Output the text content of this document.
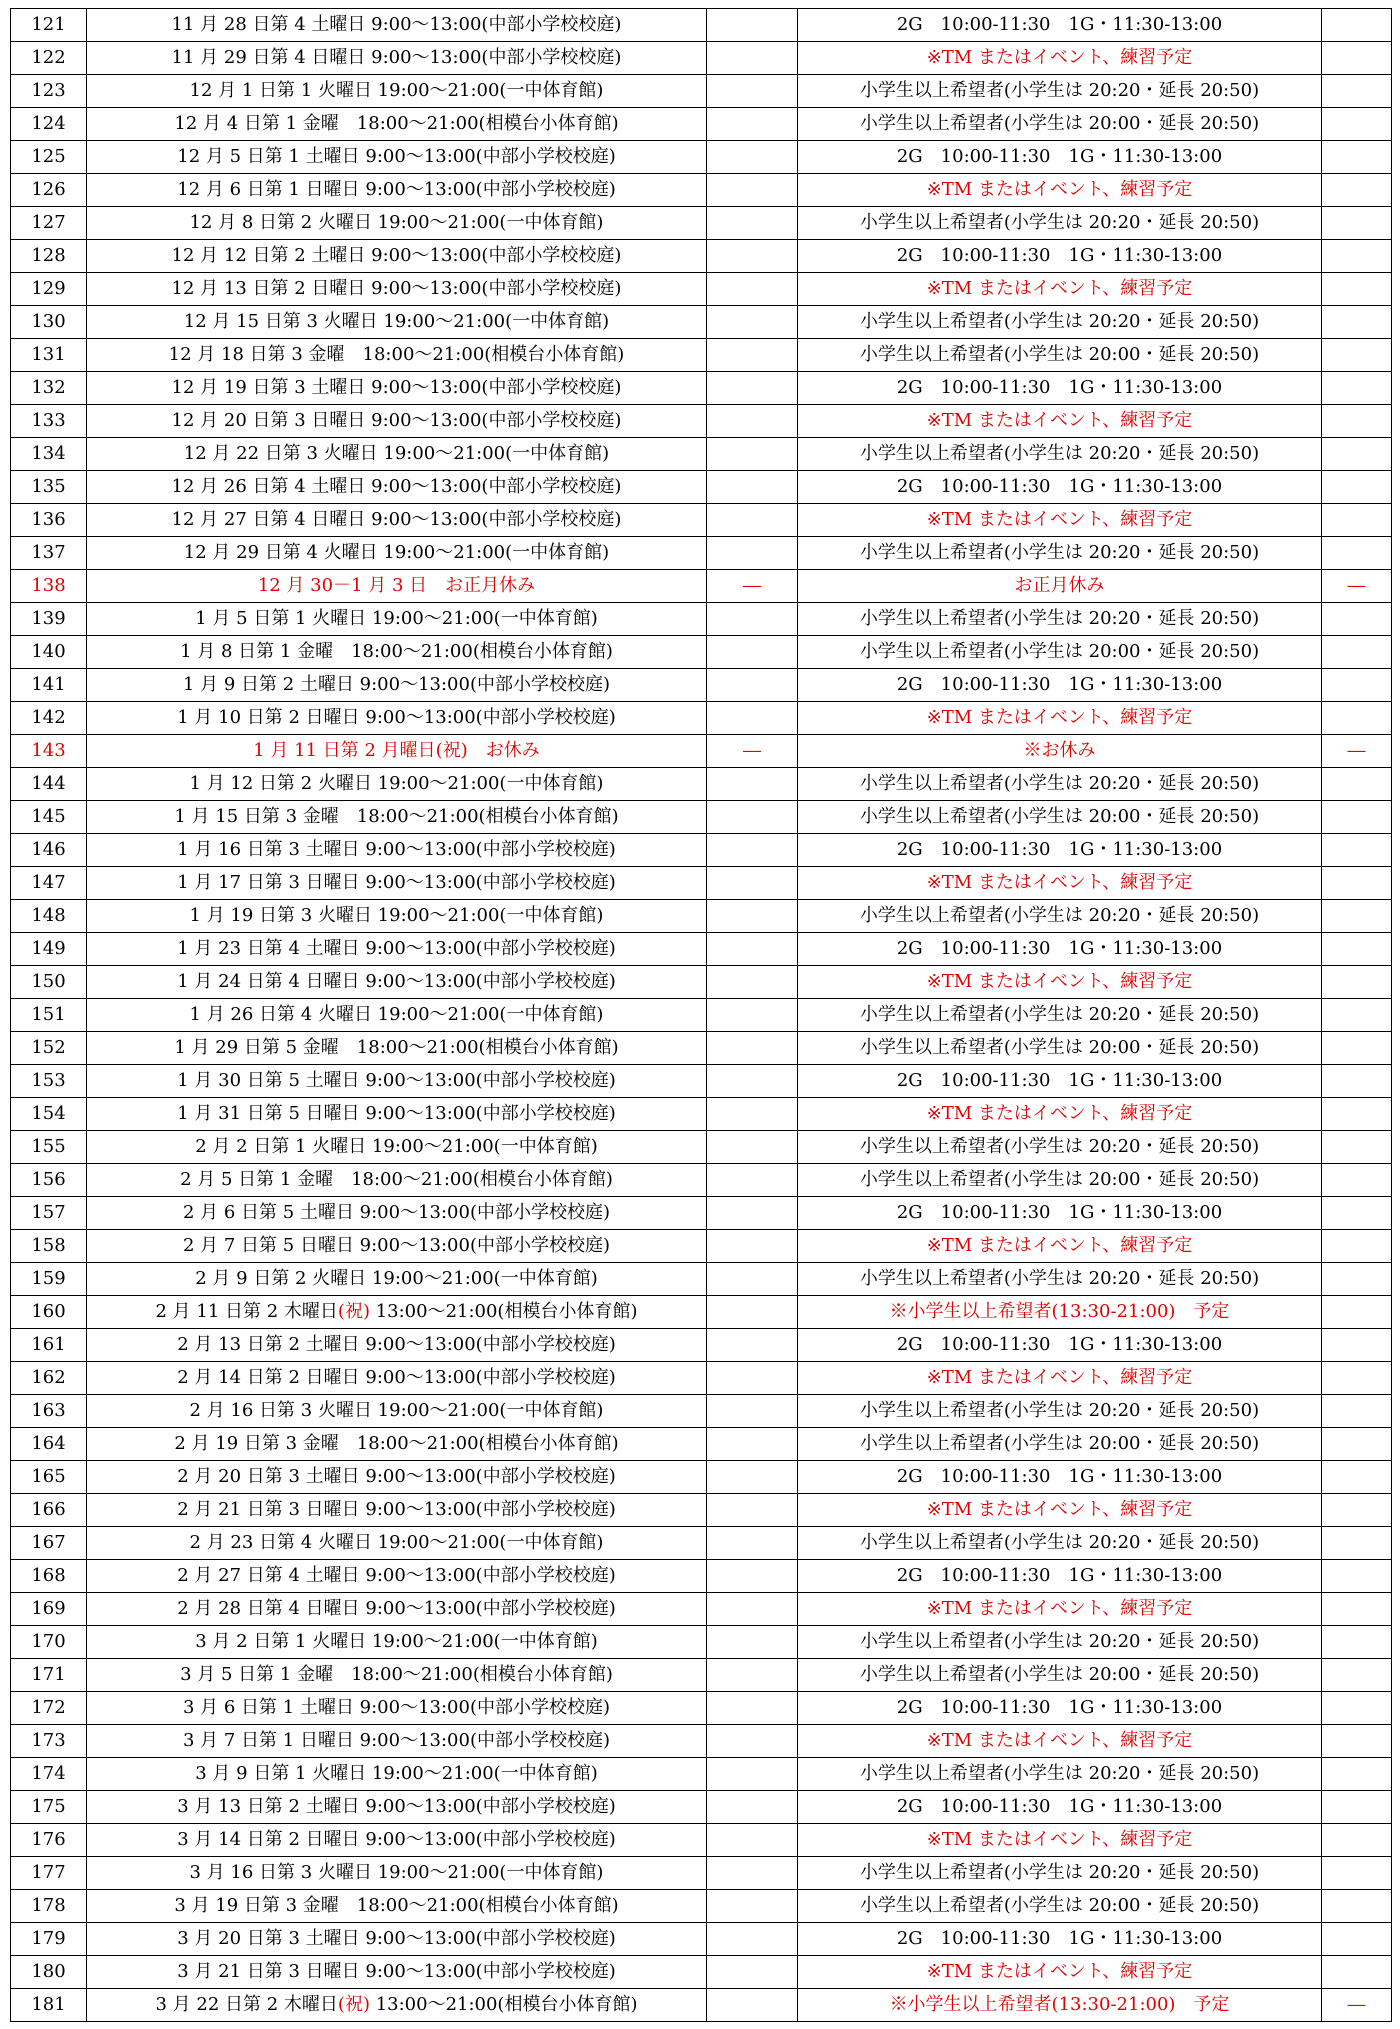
121	11 月 28 日第 4 土曜日 9:00～13:00(中部小学校校庭)		2G　10:00-11:30　1G・11:30-13:00	
122	11 月 29 日第 4 日曜日 9:00～13:00(中部小学校校庭)		※TM またはイベント、練習予定	
123	12 月 1 日第 1 火曜日 19:00～21:00(一中体育館)		小学生以上希望者(小学生は 20:20・延長 20:50)	
124	12 月 4 日第 1 金曜　18:00～21:00(相模台小体育館)		小学生以上希望者(小学生は 20:00・延長 20:50)	
125	12 月 5 日第 1 土曜日 9:00～13:00(中部小学校校庭)		2G　10:00-11:30　1G・11:30-13:00	
126	12 月 6 日第 1 日曜日 9:00～13:00(中部小学校校庭)		※TM またはイベント、練習予定	
127	12 月 8 日第 2 火曜日 19:00～21:00(一中体育館)		小学生以上希望者(小学生は 20:20・延長 20:50)	
128	12 月 12 日第 2 土曜日 9:00～13:00(中部小学校校庭)		2G　10:00-11:30　1G・11:30-13:00	
129	12 月 13 日第 2 日曜日 9:00～13:00(中部小学校校庭)		※TM またはイベント、練習予定	
130	12 月 15 日第 3 火曜日 19:00～21:00(一中体育館)		小学生以上希望者(小学生は 20:20・延長 20:50)	
131	12 月 18 日第 3 金曜　18:00～21:00(相模台小体育館)		小学生以上希望者(小学生は 20:00・延長 20:50)	
132	12 月 19 日第 3 土曜日 9:00～13:00(中部小学校校庭)		2G　10:00-11:30　1G・11:30-13:00	
133	12 月 20 日第 3 日曜日 9:00～13:00(中部小学校校庭)		※TM またはイベント、練習予定	
134	12 月 22 日第 3 火曜日 19:00～21:00(一中体育館)		小学生以上希望者(小学生は 20:20・延長 20:50)	
135	12 月 26 日第 4 土曜日 9:00～13:00(中部小学校校庭)		2G　10:00-11:30　1G・11:30-13:00	
136	12 月 27 日第 4 日曜日 9:00～13:00(中部小学校校庭)		※TM またはイベント、練習予定	
137	12 月 29 日第 4 火曜日 19:00～21:00(一中体育館)		小学生以上希望者(小学生は 20:20・延長 20:50)	
138	12 月 30－1 月 3 日　お正月休み	―	お正月休み	―
139	1 月 5 日第 1 火曜日 19:00～21:00(一中体育館)		小学生以上希望者(小学生は 20:20・延長 20:50)	
140	1 月 8 日第 1 金曜　18:00～21:00(相模台小体育館)		小学生以上希望者(小学生は 20:00・延長 20:50)	
141	1 月 9 日第 2 土曜日 9:00～13:00(中部小学校校庭)		2G　10:00-11:30　1G・11:30-13:00	
142	1 月 10 日第 2 日曜日 9:00～13:00(中部小学校校庭)		※TM またはイベント、練習予定	
143	1 月 11 日第 2 月曜日(祝)　お休み	―	※お休み	―
144	1 月 12 日第 2 火曜日 19:00～21:00(一中体育館)		小学生以上希望者(小学生は 20:20・延長 20:50)	
145	1 月 15 日第 3 金曜　18:00～21:00(相模台小体育館)		小学生以上希望者(小学生は 20:00・延長 20:50)	
146	1 月 16 日第 3 土曜日 9:00～13:00(中部小学校校庭)		2G　10:00-11:30　1G・11:30-13:00	
147	1 月 17 日第 3 日曜日 9:00～13:00(中部小学校校庭)		※TM またはイベント、練習予定	
148	1 月 19 日第 3 火曜日 19:00～21:00(一中体育館)		小学生以上希望者(小学生は 20:20・延長 20:50)	
149	1 月 23 日第 4 土曜日 9:00～13:00(中部小学校校庭)		2G　10:00-11:30　1G・11:30-13:00	
150	1 月 24 日第 4 日曜日 9:00～13:00(中部小学校校庭)		※TM またはイベント、練習予定	
151	1 月 26 日第 4 火曜日 19:00～21:00(一中体育館)		小学生以上希望者(小学生は 20:20・延長 20:50)	
152	1 月 29 日第 5 金曜　18:00～21:00(相模台小体育館)		小学生以上希望者(小学生は 20:00・延長 20:50)	
153	1 月 30 日第 5 土曜日 9:00～13:00(中部小学校校庭)		2G　10:00-11:30　1G・11:30-13:00	
154	1 月 31 日第 5 日曜日 9:00～13:00(中部小学校校庭)		※TM またはイベント、練習予定	
155	2 月 2 日第 1 火曜日 19:00～21:00(一中体育館)		小学生以上希望者(小学生は 20:20・延長 20:50)	
156	2 月 5 日第 1 金曜　18:00～21:00(相模台小体育館)		小学生以上希望者(小学生は 20:00・延長 20:50)	
157	2 月 6 日第 5 土曜日 9:00～13:00(中部小学校校庭)		2G　10:00-11:30　1G・11:30-13:00	
158	2 月 7 日第 5 日曜日 9:00～13:00(中部小学校校庭)		※TM またはイベント、練習予定	
159	2 月 9 日第 2 火曜日 19:00～21:00(一中体育館)		小学生以上希望者(小学生は 20:20・延長 20:50)	
160	2 月 11 日第 2 木曜日(祝) 13:00～21:00(相模台小体育館)		※小学生以上希望者(13:30-21:00)　予定	
161	2 月 13 日第 2 土曜日 9:00～13:00(中部小学校校庭)		2G　10:00-11:30　1G・11:30-13:00	
162	2 月 14 日第 2 日曜日 9:00～13:00(中部小学校校庭)		※TM またはイベント、練習予定	
163	2 月 16 日第 3 火曜日 19:00～21:00(一中体育館)		小学生以上希望者(小学生は 20:20・延長 20:50)	
164	2 月 19 日第 3 金曜　18:00～21:00(相模台小体育館)		小学生以上希望者(小学生は 20:00・延長 20:50)	
165	2 月 20 日第 3 土曜日 9:00～13:00(中部小学校校庭)		2G　10:00-11:30　1G・11:30-13:00	
166	2 月 21 日第 3 日曜日 9:00～13:00(中部小学校校庭)		※TM またはイベント、練習予定	
167	2 月 23 日第 4 火曜日 19:00～21:00(一中体育館)		小学生以上希望者(小学生は 20:20・延長 20:50)	
168	2 月 27 日第 4 土曜日 9:00～13:00(中部小学校校庭)		2G　10:00-11:30　1G・11:30-13:00	
169	2 月 28 日第 4 日曜日 9:00～13:00(中部小学校校庭)		※TM またはイベント、練習予定	
170	3 月 2 日第 1 火曜日 19:00～21:00(一中体育館)		小学生以上希望者(小学生は 20:20・延長 20:50)	
171	3 月 5 日第 1 金曜　18:00～21:00(相模台小体育館)		小学生以上希望者(小学生は 20:00・延長 20:50)	
172	3 月 6 日第 1 土曜日 9:00～13:00(中部小学校校庭)		2G　10:00-11:30　1G・11:30-13:00	
173	3 月 7 日第 1 日曜日 9:00～13:00(中部小学校校庭)		※TM またはイベント、練習予定	
174	3 月 9 日第 1 火曜日 19:00～21:00(一中体育館)		小学生以上希望者(小学生は 20:20・延長 20:50)	
175	3 月 13 日第 2 土曜日 9:00～13:00(中部小学校校庭)		2G　10:00-11:30　1G・11:30-13:00	
176	3 月 14 日第 2 日曜日 9:00～13:00(中部小学校校庭)		※TM またはイベント、練習予定	
177	3 月 16 日第 3 火曜日 19:00～21:00(一中体育館)		小学生以上希望者(小学生は 20:20・延長 20:50)	
178	3 月 19 日第 3 金曜　18:00～21:00(相模台小体育館)		小学生以上希望者(小学生は 20:00・延長 20:50)	
179	3 月 20 日第 3 土曜日 9:00～13:00(中部小学校校庭)		2G　10:00-11:30　1G・11:30-13:00	
180	3 月 21 日第 3 日曜日 9:00～13:00(中部小学校校庭)		※TM またはイベント、練習予定	
181	3 月 22 日第 2 木曜日(祝) 13:00～21:00(相模台小体育館)		※小学生以上希望者(13:30-21:00)　予定	―
